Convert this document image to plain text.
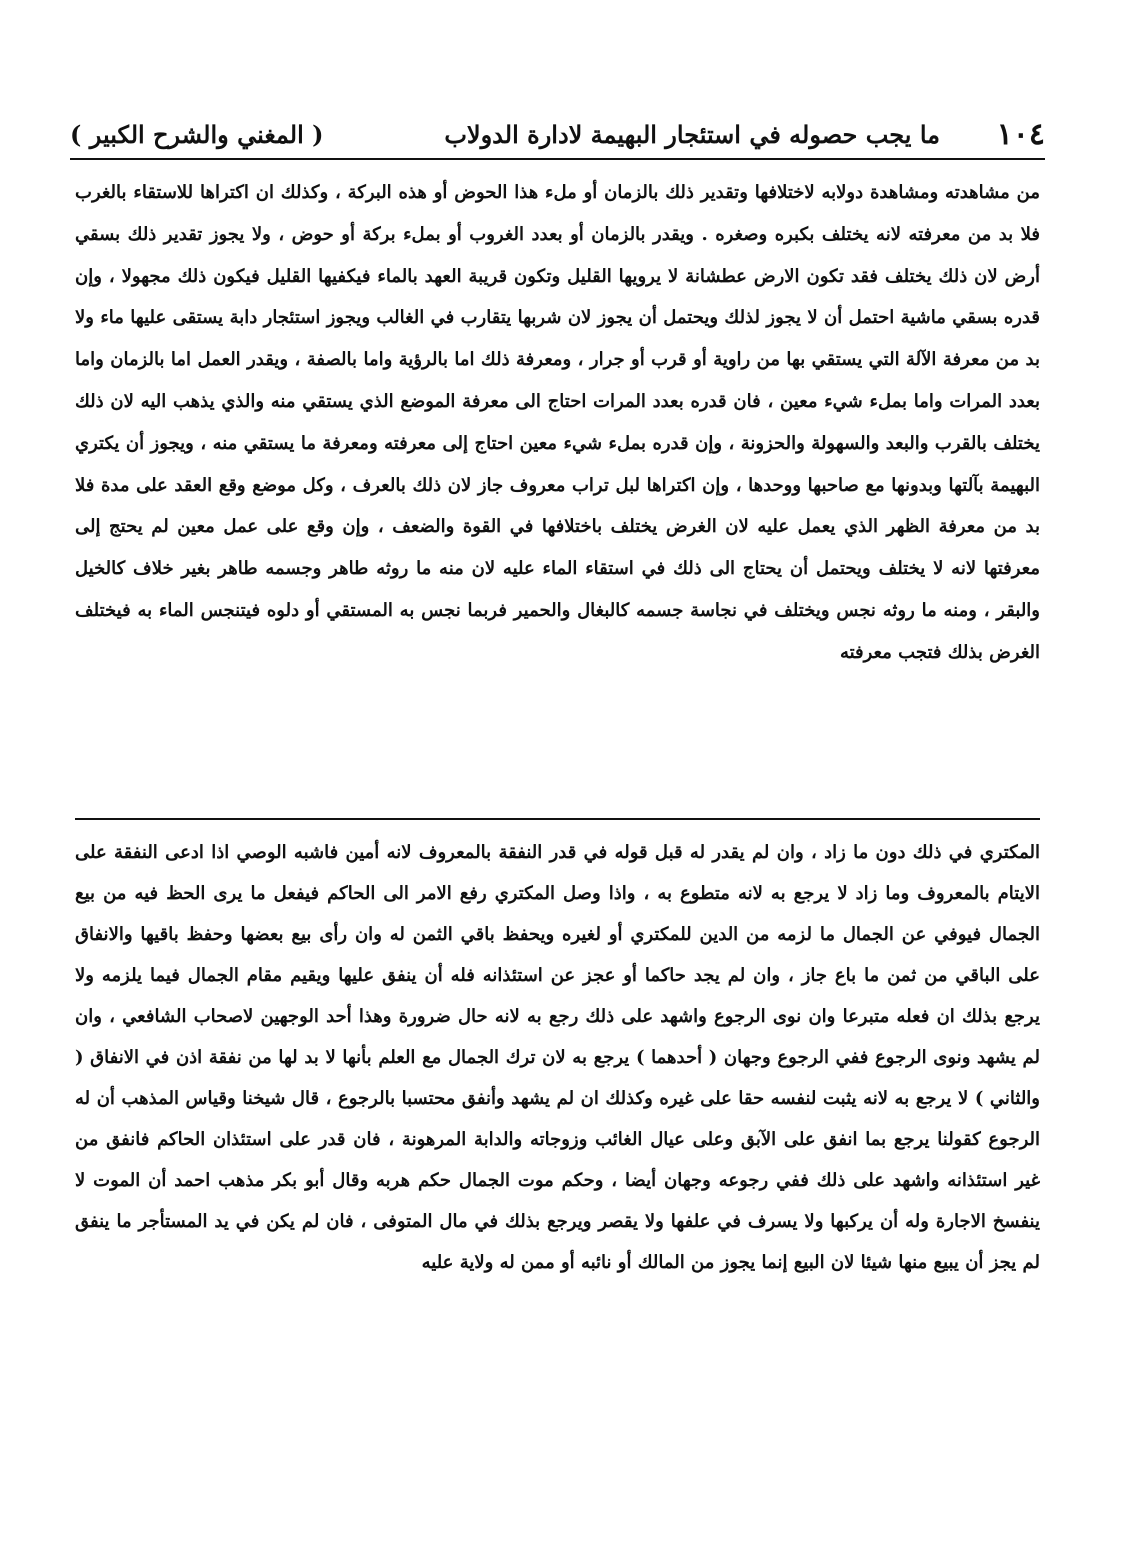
١٠٤
ما يجب حصوله في استئجار البهيمة لادارة الدولاب
( المغني والشرح الكبير )

من مشاهدته ومشاهدة دولابه لاختلافها وتقدير ذلك بالزمان أو ملء هذا الحوض أو هذه البركة ، وكذلك ان اكتراها للاستقاء بالغرب فلا بد من معرفته لانه يختلف بكبره وصغره . ويقدر بالزمان أو بعدد الغروب أو بملء بركة أو حوض ، ولا يجوز تقدير ذلك بسقي أرض لان ذلك يختلف فقد تكون الارض عطشانة لا يرويها القليل وتكون قريبة العهد بالماء فيكفيها القليل فيكون ذلك مجهولا ، وإن قدره بسقي ماشية احتمل أن لا يجوز لذلك ويحتمل أن يجوز لان شربها يتقارب في الغالب ويجوز استئجار دابة يستقى عليها ماء ولا بد من معرفة الآلة التي يستقي بها من راوية أو قرب أو جرار ، ومعرفة ذلك اما بالرؤية واما بالصفة ، ويقدر العمل اما بالزمان واما بعدد المرات واما بملء شيء معين ، فان قدره بعدد المرات احتاج الى معرفة الموضع الذي يستقي منه والذي يذهب اليه لان ذلك يختلف بالقرب والبعد والسهولة والحزونة ، وإن قدره بملء شيء معين احتاج إلى معرفته ومعرفة ما يستقي منه ، ويجوز أن يكتري البهيمة بآلتها وبدونها مع صاحبها ووحدها ، وإن اكتراها لبل تراب معروف جاز لان ذلك بالعرف ، وكل موضع وقع العقد على مدة فلا بد من معرفة الظهر الذي يعمل عليه لان الغرض يختلف باختلافها في القوة والضعف ، وإن وقع على عمل معين لم يحتج إلى معرفتها لانه لا يختلف ويحتمل أن يحتاج الى ذلك في استقاء الماء عليه لان منه ما روثه طاهر وجسمه طاهر بغير خلاف كالخيل والبقر ، ومنه ما روثه نجس ويختلف في نجاسة جسمه كالبغال والحمير فربما نجس به المستقي أو دلوه فيتنجس الماء به فيختلف الغرض بذلك فتجب معرفته

المكتري في ذلك دون ما زاد ، وان لم يقدر له قبل قوله في قدر النفقة بالمعروف لانه أمين فاشبه الوصي اذا ادعى النفقة على الايتام بالمعروف وما زاد لا يرجع به لانه متطوع به ، واذا وصل المكتري رفع الامر الى الحاكم فيفعل ما يرى الحظ فيه من بيع الجمال فيوفي عن الجمال ما لزمه من الدين للمكتري أو لغيره ويحفظ باقي الثمن له وان رأى بيع بعضها وحفظ باقيها والانفاق على الباقي من ثمن ما باع جاز ، وان لم يجد حاكما أو عجز عن استئذانه فله أن ينفق عليها ويقيم مقام الجمال فيما يلزمه ولا يرجع بذلك ان فعله متبرعا وان نوى الرجوع واشهد على ذلك رجع به لانه حال ضرورة وهذا أحد الوجهين لاصحاب الشافعي ، وان لم يشهد ونوى الرجوع ففي الرجوع وجهان ( أحدهما ) يرجع به لان ترك الجمال مع العلم بأنها لا بد لها من نفقة اذن في الانفاق ( والثاني ) لا يرجع به لانه يثبت لنفسه حقا على غيره وكذلك ان لم يشهد وأنفق محتسبا بالرجوع ، قال شيخنا وقياس المذهب أن له الرجوع كقولنا يرجع بما انفق على الآبق وعلى عيال الغائب وزوجاته والدابة المرهونة ، فان قدر على استئذان الحاكم فانفق من غير استئذانه واشهد على ذلك ففي رجوعه وجهان أيضا ، وحكم موت الجمال حكم هربه وقال أبو بكر مذهب احمد أن الموت لا ينفسخ الاجارة وله أن يركبها ولا يسرف في علفها ولا يقصر ويرجع بذلك في مال المتوفى ، فان لم يكن في يد المستأجر ما ينفق لم يجز أن يبيع منها شيئا لان البيع إنما يجوز من المالك أو نائبه أو ممن له ولاية عليه
